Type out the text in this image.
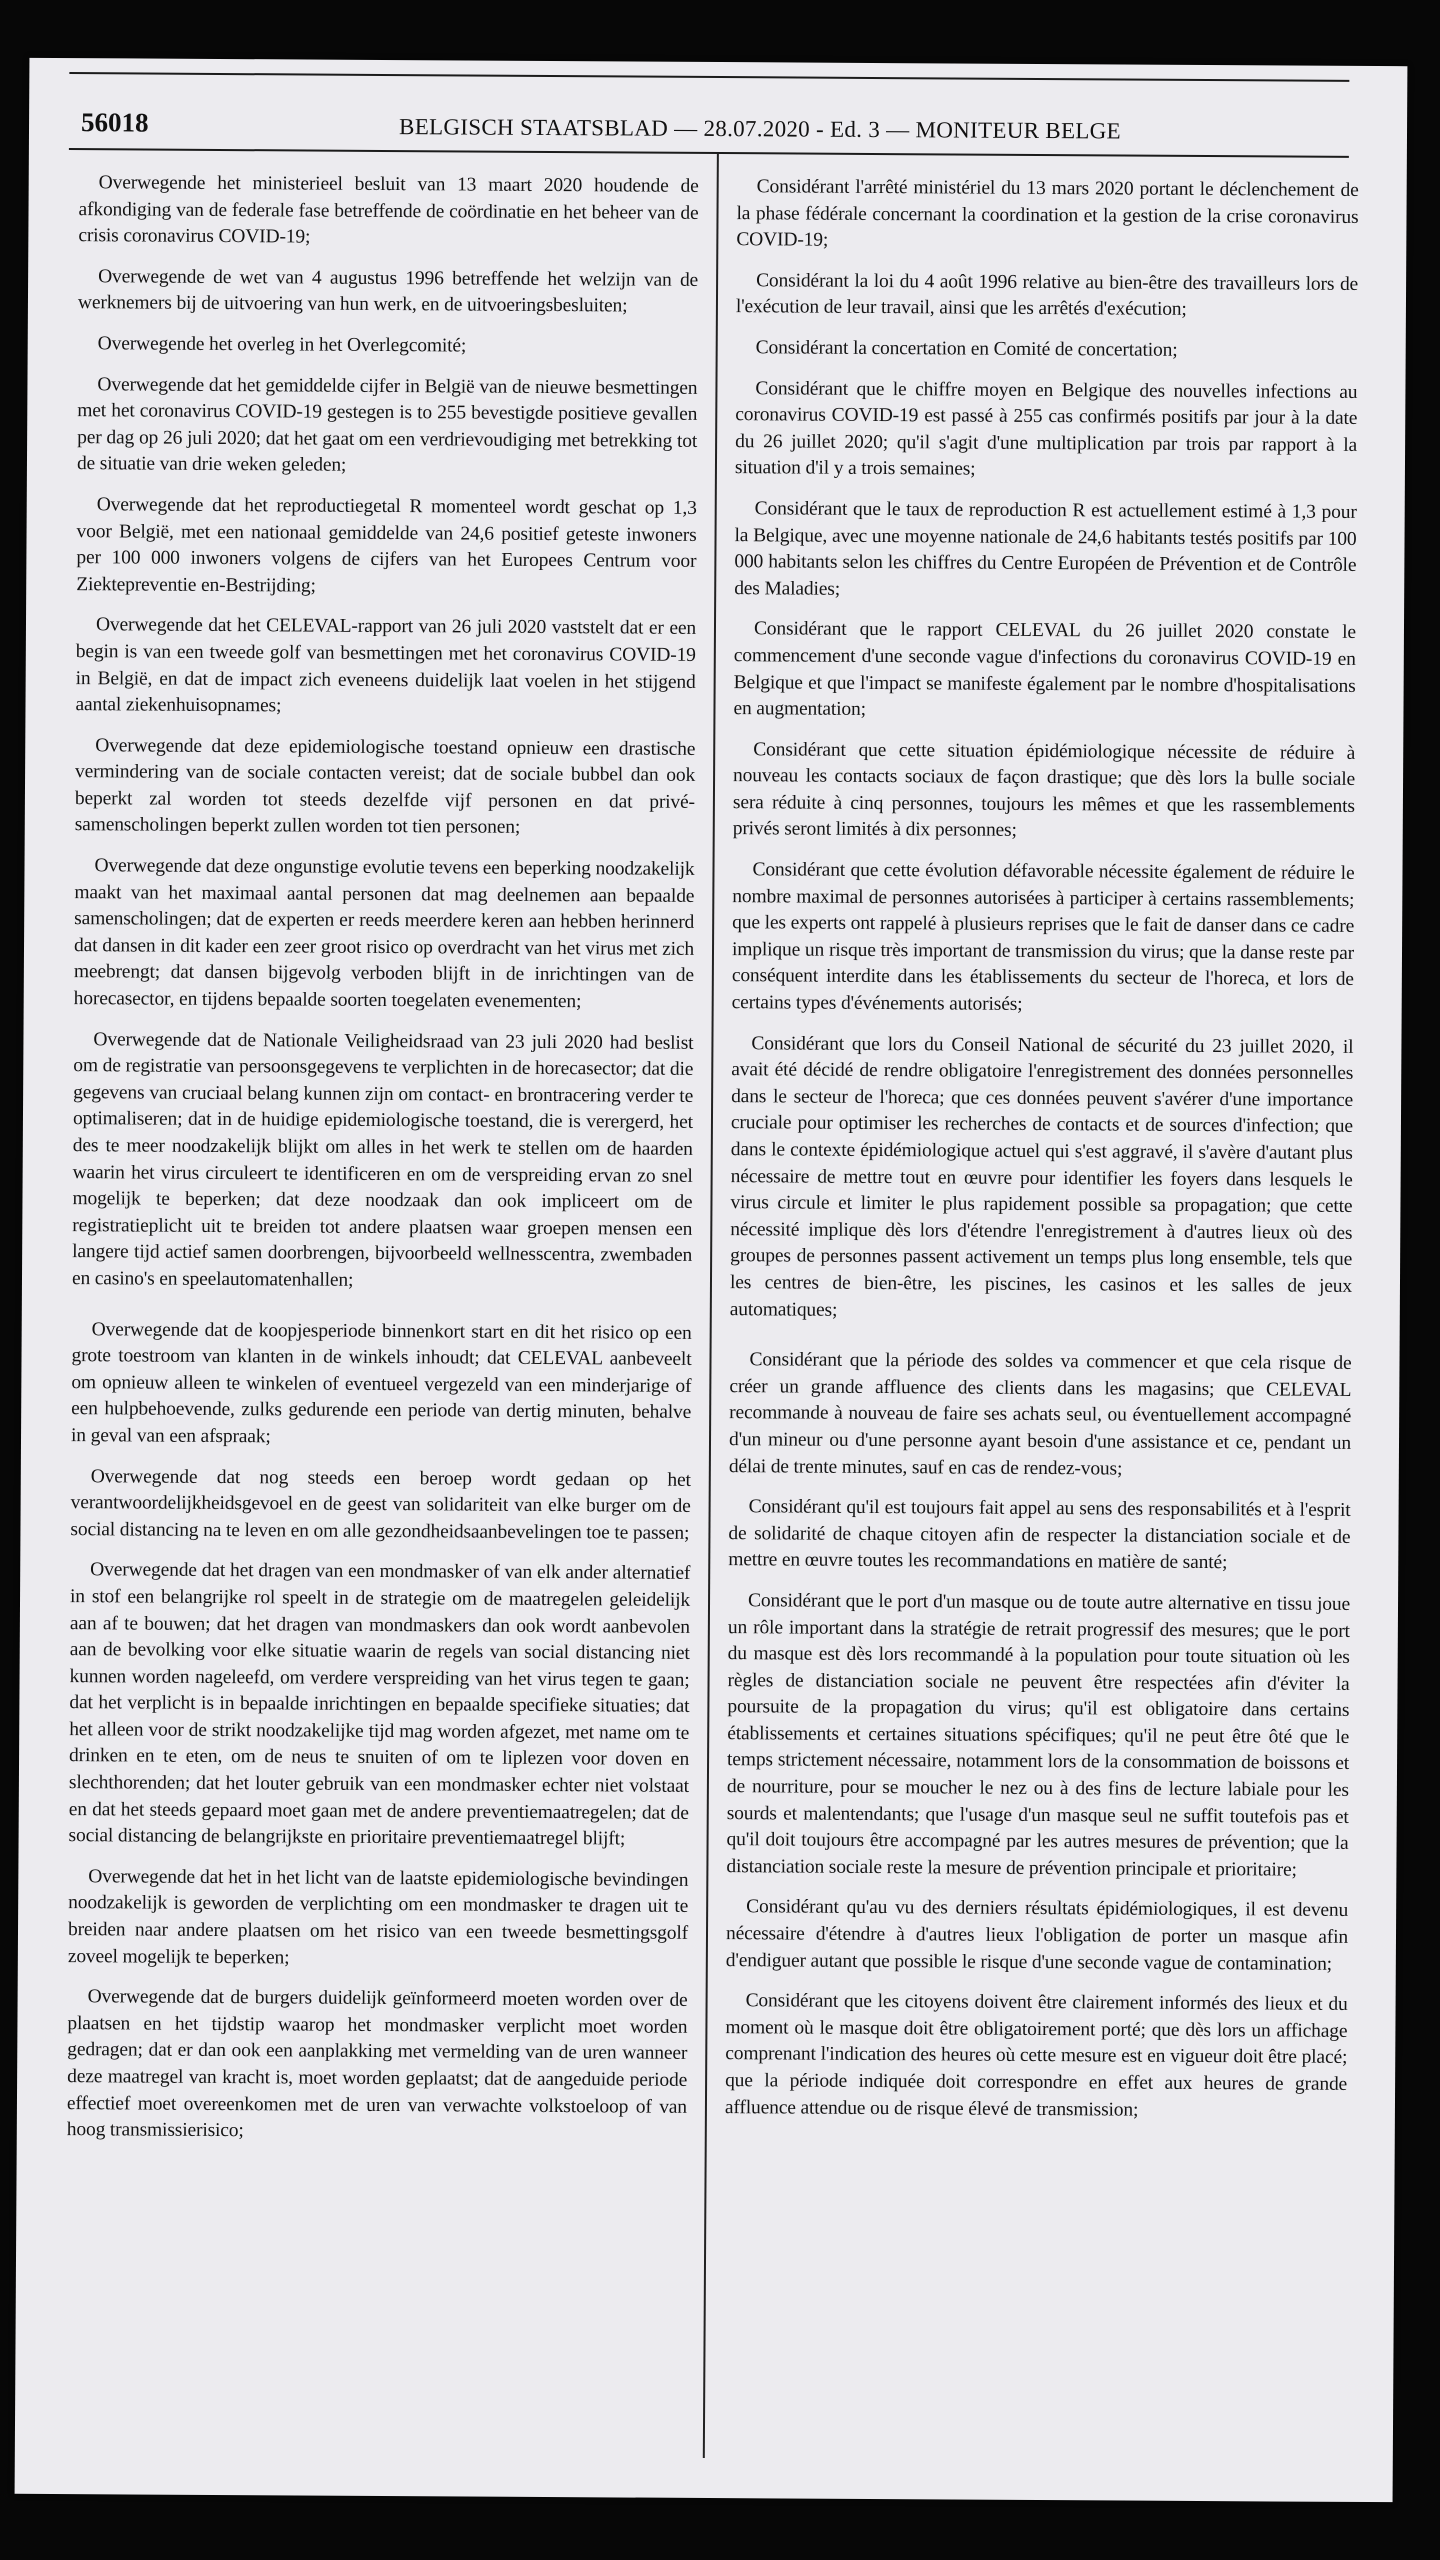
56018	BELGISCH STAATSBLAD — 28.07.2020 - Ed. 3 — MONITEUR BELGE

Overwegende het ministerieel besluit van 13 maart 2020 houdende de afkondiging van de federale fase betreffende de coördinatie en het beheer van de crisis coronavirus COVID-19;

Overwegende de wet van 4 augustus 1996 betreffende het welzijn van de werknemers bij de uitvoering van hun werk, en de uitvoeringsbesluiten;

Overwegende het overleg in het Overlegcomité;

Overwegende dat het gemiddelde cijfer in België van de nieuwe besmettingen met het coronavirus COVID-19 gestegen is to 255 bevestigde positieve gevallen per dag op 26 juli 2020; dat het gaat om een verdrievoudiging met betrekking tot de situatie van drie weken geleden;

Overwegende dat het reproductiegetal R momenteel wordt geschat op 1,3 voor België, met een nationaal gemiddelde van 24,6 positief geteste inwoners per 100 000 inwoners volgens de cijfers van het Europees Centrum voor Ziektepreventie en-Bestrijding;

Overwegende dat het CELEVAL-rapport van 26 juli 2020 vaststelt dat er een begin is van een tweede golf van besmettingen met het coronavirus COVID-19 in België, en dat de impact zich eveneens duidelijk laat voelen in het stijgend aantal ziekenhuisopnames;

Overwegende dat deze epidemiologische toestand opnieuw een drastische vermindering van de sociale contacten vereist; dat de sociale bubbel dan ook beperkt zal worden tot steeds dezelfde vijf personen en dat privé-samenscholingen beperkt zullen worden tot tien personen;

Overwegende dat deze ongunstige evolutie tevens een beperking noodzakelijk maakt van het maximaal aantal personen dat mag deelnemen aan bepaalde samenscholingen; dat de experten er reeds meerdere keren aan hebben herinnerd dat dansen in dit kader een zeer groot risico op overdracht van het virus met zich meebrengt; dat dansen bijgevolg verboden blijft in de inrichtingen van de horecasector, en tijdens bepaalde soorten toegelaten evenementen;

Overwegende dat de Nationale Veiligheidsraad van 23 juli 2020 had beslist om de registratie van persoonsgegevens te verplichten in de horecasector; dat die gegevens van cruciaal belang kunnen zijn om contact- en brontracering verder te optimaliseren; dat in de huidige epidemiologische toestand, die is verergerd, het des te meer noodzakelijk blijkt om alles in het werk te stellen om de haarden waarin het virus circuleert te identificeren en om de verspreiding ervan zo snel mogelijk te beperken; dat deze noodzaak dan ook impliceert om de registratieplicht uit te breiden tot andere plaatsen waar groepen mensen een langere tijd actief samen doorbrengen, bijvoorbeeld wellnesscentra, zwembaden en casino's en speelautomatenhallen;

Overwegende dat de koopjesperiode binnenkort start en dit het risico op een grote toestroom van klanten in de winkels inhoudt; dat CELEVAL aanbeveelt om opnieuw alleen te winkelen of eventueel vergezeld van een minderjarige of een hulpbehoevende, zulks gedurende een periode van dertig minuten, behalve in geval van een afspraak;

Overwegende dat nog steeds een beroep wordt gedaan op het verantwoordelijkheidsgevoel en de geest van solidariteit van elke burger om de social distancing na te leven en om alle gezondheidsaanbevelingen toe te passen;

Overwegende dat het dragen van een mondmasker of van elk ander alternatief in stof een belangrijke rol speelt in de strategie om de maatregelen geleidelijk aan af te bouwen; dat het dragen van mondmaskers dan ook wordt aanbevolen aan de bevolking voor elke situatie waarin de regels van social distancing niet kunnen worden nageleefd, om verdere verspreiding van het virus tegen te gaan; dat het verplicht is in bepaalde inrichtingen en bepaalde specifieke situaties; dat het alleen voor de strikt noodzakelijke tijd mag worden afgezet, met name om te drinken en te eten, om de neus te snuiten of om te liplezen voor doven en slechthorenden; dat het louter gebruik van een mondmasker echter niet volstaat en dat het steeds gepaard moet gaan met de andere preventiemaatregelen; dat de social distancing de belangrijkste en prioritaire preventiemaatregel blijft;

Overwegende dat het in het licht van de laatste epidemiologische bevindingen noodzakelijk is geworden de verplichting om een mondmasker te dragen uit te breiden naar andere plaatsen om het risico van een tweede besmettingsgolf zoveel mogelijk te beperken;

Overwegende dat de burgers duidelijk geïnformeerd moeten worden over de plaatsen en het tijdstip waarop het mondmasker verplicht moet worden gedragen; dat er dan ook een aanplakking met vermelding van de uren wanneer deze maatregel van kracht is, moet worden geplaatst; dat de aangeduide periode effectief moet overeenkomen met de uren van verwachte volkstoeloop of van hoog transmissierisico;

Considérant l'arrêté ministériel du 13 mars 2020 portant le déclenchement de la phase fédérale concernant la coordination et la gestion de la crise coronavirus COVID-19;

Considérant la loi du 4 août 1996 relative au bien-être des travailleurs lors de l'exécution de leur travail, ainsi que les arrêtés d'exécution;

Considérant la concertation en Comité de concertation;

Considérant que le chiffre moyen en Belgique des nouvelles infections au coronavirus COVID-19 est passé à 255 cas confirmés positifs par jour à la date du 26 juillet 2020; qu'il s'agit d'une multiplication par trois par rapport à la situation d'il y a trois semaines;

Considérant que le taux de reproduction R est actuellement estimé à 1,3 pour la Belgique, avec une moyenne nationale de 24,6 habitants testés positifs par 100 000 habitants selon les chiffres du Centre Européen de Prévention et de Contrôle des Maladies;

Considérant que le rapport CELEVAL du 26 juillet 2020 constate le commencement d'une seconde vague d'infections du coronavirus COVID-19 en Belgique et que l'impact se manifeste également par le nombre d'hospitalisations en augmentation;

Considérant que cette situation épidémiologique nécessite de réduire à nouveau les contacts sociaux de façon drastique; que dès lors la bulle sociale sera réduite à cinq personnes, toujours les mêmes et que les rassemblements privés seront limités à dix personnes;

Considérant que cette évolution défavorable nécessite également de réduire le nombre maximal de personnes autorisées à participer à certains rassemblements; que les experts ont rappelé à plusieurs reprises que le fait de danser dans ce cadre implique un risque très important de transmission du virus; que la danse reste par conséquent interdite dans les établissements du secteur de l'horeca, et lors de certains types d'événements autorisés;

Considérant que lors du Conseil National de sécurité du 23 juillet 2020, il avait été décidé de rendre obligatoire l'enregistrement des données personnelles dans le secteur de l'horeca; que ces données peuvent s'avérer d'une importance cruciale pour optimiser les recherches de contacts et de sources d'infection; que dans le contexte épidémiologique actuel qui s'est aggravé, il s'avère d'autant plus nécessaire de mettre tout en œuvre pour identifier les foyers dans lesquels le virus circule et limiter le plus rapidement possible sa propagation; que cette nécessité implique dès lors d'étendre l'enregistrement à d'autres lieux où des groupes de personnes passent activement un temps plus long ensemble, tels que les centres de bien-être, les piscines, les casinos et les salles de jeux automatiques;

Considérant que la période des soldes va commencer et que cela risque de créer un grande affluence des clients dans les magasins; que CELEVAL recommande à nouveau de faire ses achats seul, ou éventuellement accompagné d'un mineur ou d'une personne ayant besoin d'une assistance et ce, pendant un délai de trente minutes, sauf en cas de rendez-vous;

Considérant qu'il est toujours fait appel au sens des responsabilités et à l'esprit de solidarité de chaque citoyen afin de respecter la distanciation sociale et de mettre en œuvre toutes les recommandations en matière de santé;

Considérant que le port d'un masque ou de toute autre alternative en tissu joue un rôle important dans la stratégie de retrait progressif des mesures; que le port du masque est dès lors recommandé à la population pour toute situation où les règles de distanciation sociale ne peuvent être respectées afin d'éviter la poursuite de la propagation du virus; qu'il est obligatoire dans certains établissements et certaines situations spécifiques; qu'il ne peut être ôté que le temps strictement nécessaire, notamment lors de la consommation de boissons et de nourriture, pour se moucher le nez ou à des fins de lecture labiale pour les sourds et malentendants; que l'usage d'un masque seul ne suffit toutefois pas et qu'il doit toujours être accompagné par les autres mesures de prévention; que la distanciation sociale reste la mesure de prévention principale et prioritaire;

Considérant qu'au vu des derniers résultats épidémiologiques, il est devenu nécessaire d'étendre à d'autres lieux l'obligation de porter un masque afin d'endiguer autant que possible le risque d'une seconde vague de contamination;

Considérant que les citoyens doivent être clairement informés des lieux et du moment où le masque doit être obligatoirement porté; que dès lors un affichage comprenant l'indication des heures où cette mesure est en vigueur doit être placé; que la période indiquée doit correspondre en effet aux heures de grande affluence attendue ou de risque élevé de transmission;
